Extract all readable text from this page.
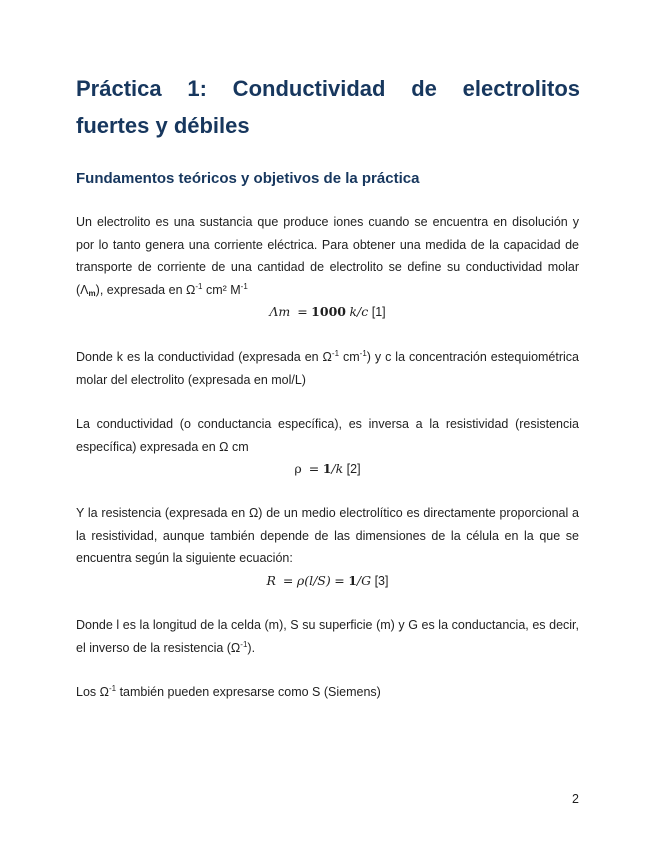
Práctica 1: Conductividad de electrolitos fuertes y débiles
Fundamentos teóricos y objetivos de la práctica

Un electrolito es una sustancia que produce iones cuando se encuentra en disolución y por lo tanto genera una corriente eléctrica. Para obtener una medida de la capacidad de transporte de corriente de una cantidad de electrolito se define su conductividad molar $(\Lambda_m)$, expresada en $\Omega^{-1}$ cm² $M^{-1}$

Λm = 1000 k/c [1]

Donde k es la conductividad (expresada en $\Omega^{-1}$ $cm^{-1}$) y c la concentración estequiométrica molar del electrolito (expresada en mol/L)

La conductividad (o conductancia específica), es inversa a la resistividad (resistencia específica) expresada en Ω cm

ρ = 1/k [2]

Y la resistencia (expresada en Ω) de un medio electrolítico es directamente proporcional a la resistividad, aunque también depende de las dimensiones de la célula en la que se encuentra según la siguiente ecuación:

R = ρ(l/S) = 1/G [3]

Donde l es la longitud de la celda (m), S su superficie (m) y G es la conductancia, es decir, el inverso de la resistencia $(\Omega^{-1})$.

Los $\Omega^{-1}$ también pueden expresarse como S (Siemens)

2
